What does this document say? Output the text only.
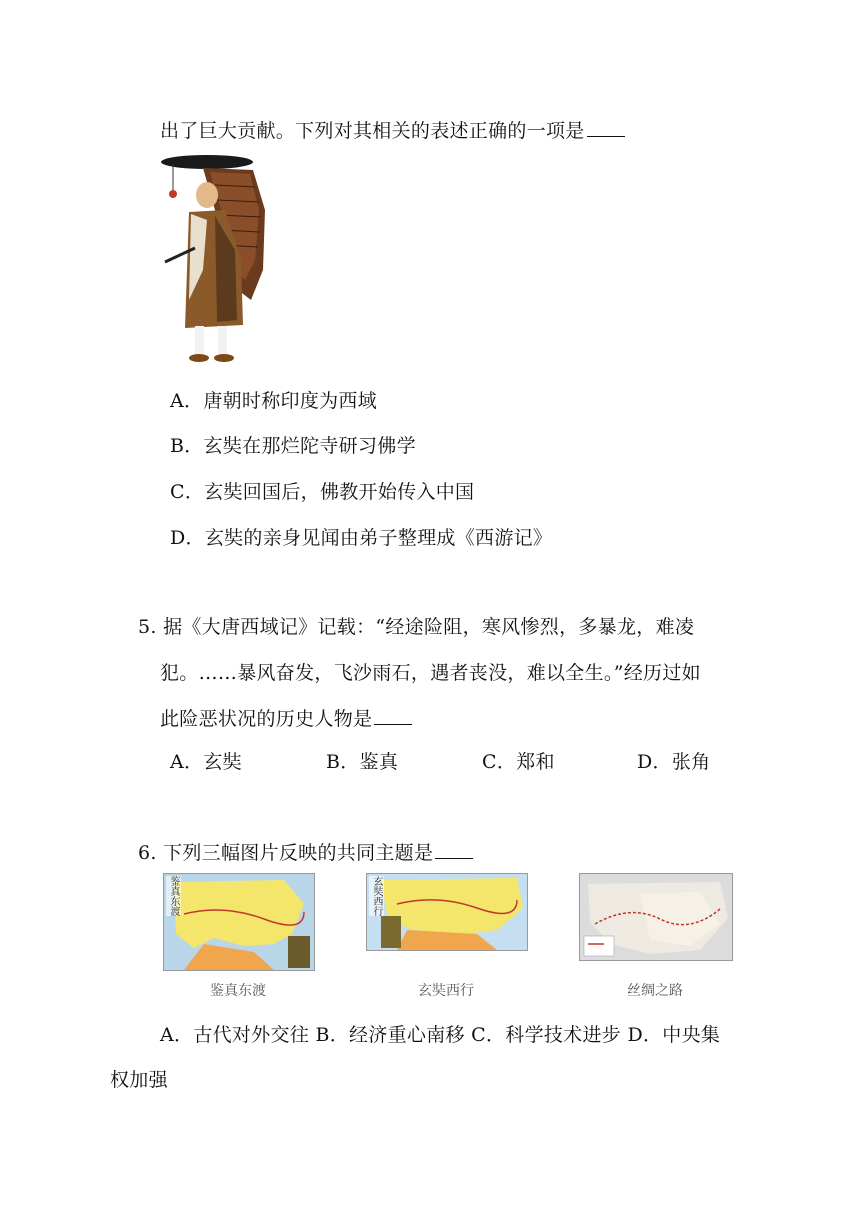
出了巨大贡献。下列对其相关的表述正确的一项是
A．唐朝时称印度为西域
B．玄奘在那烂陀寺研习佛学
C．玄奘回国后，佛教开始传入中国
D．玄奘的亲身见闻由弟子整理成《西游记》
5. 据《大唐西域记》记载：“经途险阻，寒风惨烈，多暴龙，难凌
犯。……暴风奋发，飞沙雨石，遇者丧没，难以全生。”经历过如
此险恶状况的历史人物是
A．玄奘	B．鉴真	C．郑和	D．张角
6. 下列三幅图片反映的共同主题是
鉴真东渡
鉴真东渡
玄奘西行
玄奘西行	丝绸之路
A．古代对外交往 B．经济重心南移 C．科学技术进步 D．中央集
权加强
